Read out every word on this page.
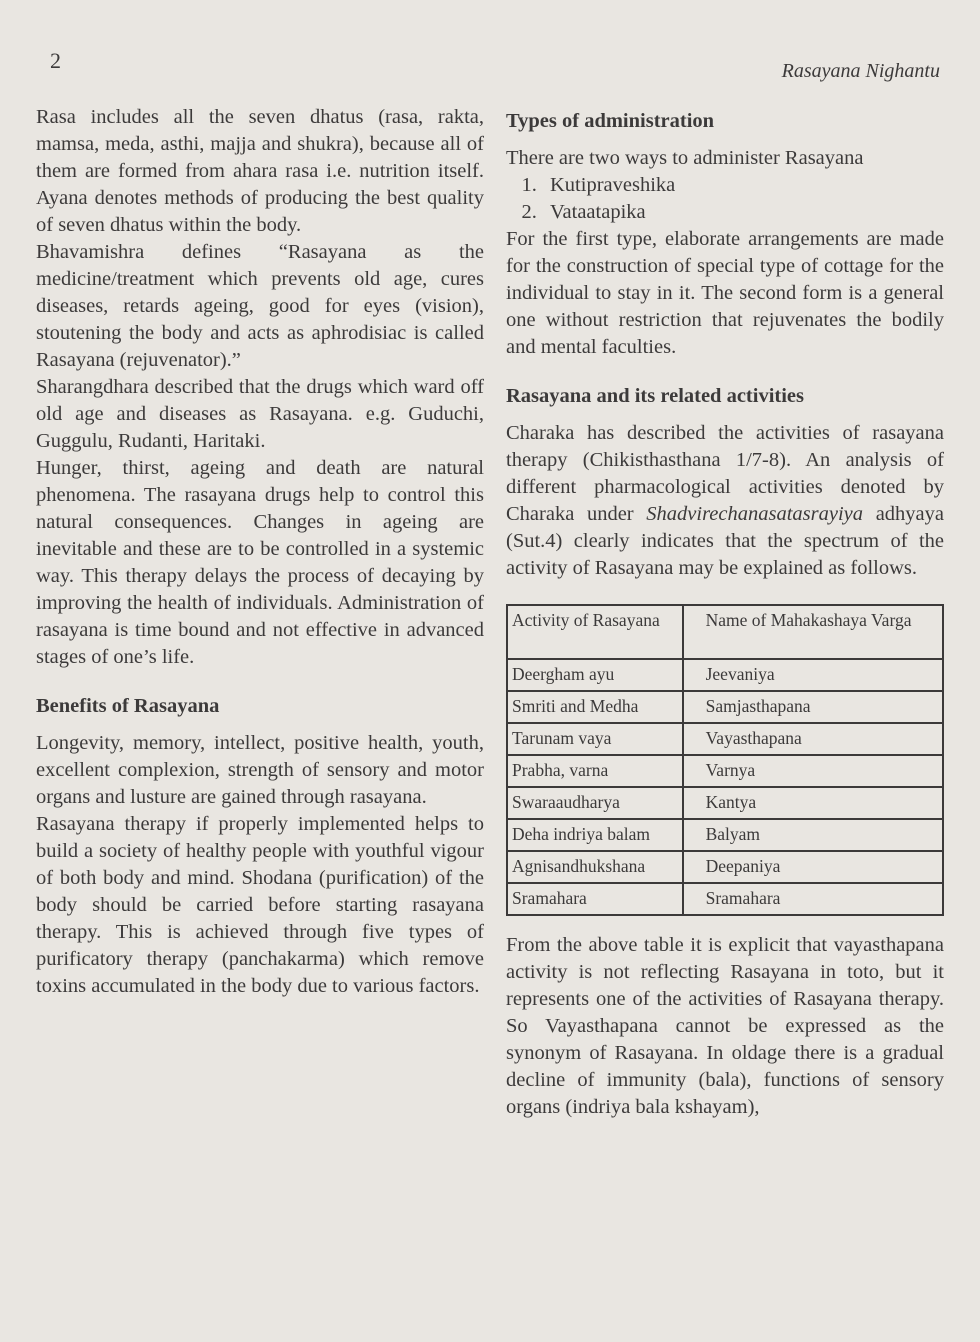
2	Rasayana Nighantu

Rasa includes all the seven dhatus (rasa, rakta, mamsa, meda, asthi, majja and shukra), because all of them are formed from ahara rasa i.e. nutrition itself. Ayana denotes methods of producing the best quality of seven dhatus within the body.

Bhavamishra defines “Rasayana as the medicine/treatment which prevents old age, cures diseases, retards ageing, good for eyes (vision), stoutening the body and acts as aphrodisiac is called Rasayana (rejuvenator).”

Sharangdhara described that the drugs which ward off old age and diseases as Rasayana. e.g. Guduchi, Guggulu, Rudanti, Haritaki.

Hunger, thirst, ageing and death are natural phenomena. The rasayana drugs help to control this natural consequences. Changes in ageing are inevitable and these are to be controlled in a systemic way. This therapy delays the process of decaying by improving the health of individuals. Administration of rasayana is time bound and not effective in advanced stages of one’s life.

Benefits of Rasayana

Longevity, memory, intellect, positive health, youth, excellent complexion, strength of sensory and motor organs and lusture are gained through rasayana.

Rasayana therapy if properly implemented helps to build a society of healthy people with youthful vigour of both body and mind. Shodana (purification) of the body should be carried before starting rasayana therapy. This is achieved through five types of purificatory therapy (panchakarma) which remove toxins accumulated in the body due to various factors.

Types of administration

There are two ways to administer Rasayana

1. Kutipraveshika
2. Vataatapika

For the first type, elaborate arrangements are made for the construction of special type of cottage for the individual to stay in it. The second form is a general one without restriction that rejuvenates the bodily and mental faculties.

Rasayana and its related activities

Charaka has described the activities of rasayana therapy (Chikisthasthana 1/7-8). An analysis of different pharmacological activities denoted by Charaka under Shadvirechanasatasrayiya adhyaya (Sut.4) clearly indicates that the spectrum of the activity of Rasayana may be explained as follows.

Activity of Rasayana	Name of Mahakashaya Varga
Deergham ayu	Jeevaniya
Smriti and Medha	Samjasthapana
Tarunam vaya	Vayasthapana
Prabha, varna	Varnya
Swaraaudharya	Kantya
Deha indriya balam	Balyam
Agnisandhukshana	Deepaniya
Sramahara	Sramahara

From the above table it is explicit that vayasthapana activity is not reflecting Rasayana in toto, but it represents one of the activities of Rasayana therapy. So Vayasthapana cannot be expressed as the synonym of Rasayana. In oldage there is a gradual decline of immunity (bala), functions of sensory organs (indriya bala kshayam),
